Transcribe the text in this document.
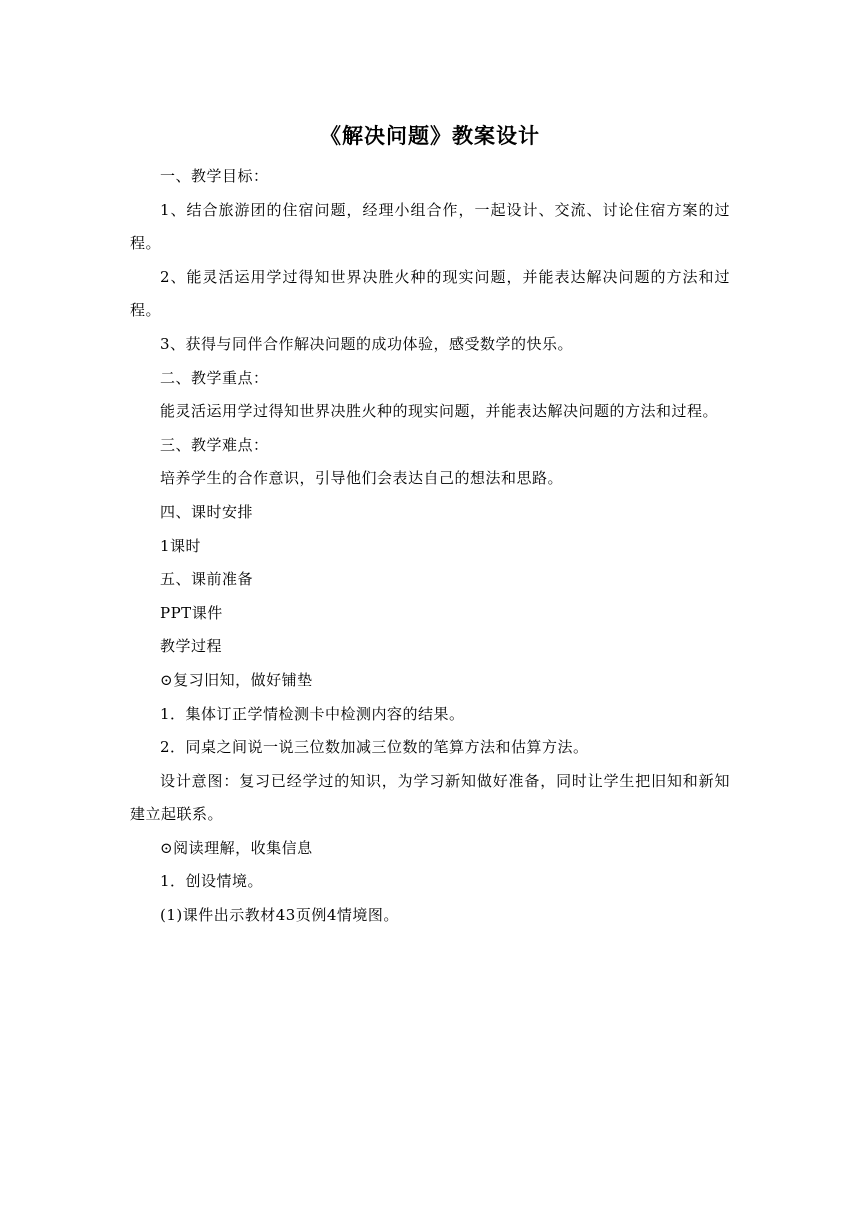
《解决问题》教案设计

一、教学目标：

1、结合旅游团的住宿问题，经理小组合作，一起设计、交流、讨论住宿方案的过程。

2、能灵活运用学过得知世界决胜火种的现实问题，并能表达解决问题的方法和过程。

3、获得与同伴合作解决问题的成功体验，感受数学的快乐。

二、教学重点：

能灵活运用学过得知世界决胜火种的现实问题，并能表达解决问题的方法和过程。

三、教学难点：

培养学生的合作意识，引导他们会表达自己的想法和思路。

四、课时安排

1课时

五、课前准备

PPT课件

教学过程

⊙复习旧知，做好铺垫

1．集体订正学情检测卡中检测内容的结果。

2．同桌之间说一说三位数加减三位数的笔算方法和估算方法。

设计意图：复习已经学过的知识，为学习新知做好准备，同时让学生把旧知和新知建立起联系。

⊙阅读理解，收集信息

1．创设情境。

(1)课件出示教材43页例4情境图。
